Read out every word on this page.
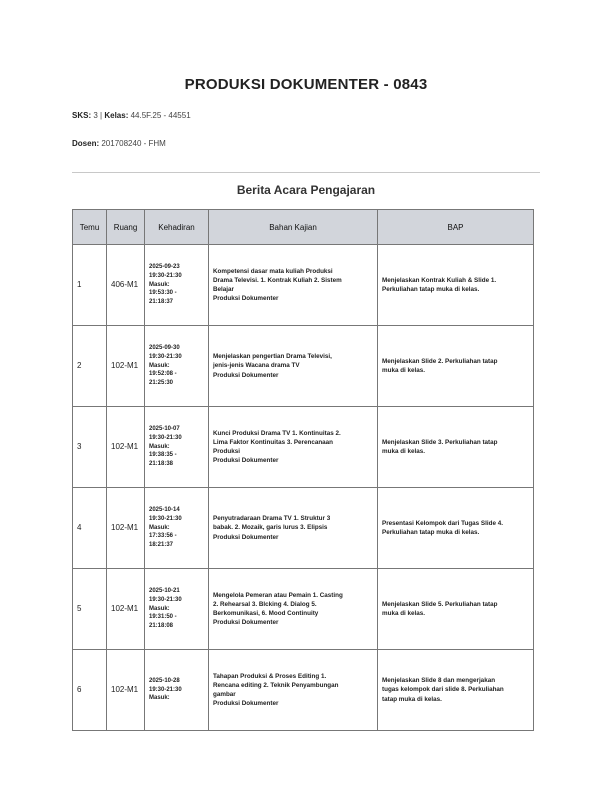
PRODUKSI DOKUMENTER - 0843
SKS: 3 | Kelas: 44.5F.25 - 44551
Dosen: 201708240 - FHM
Berita Acara Pengajaran
Temu	Ruang	Kehadiran	Bahan Kajian	BAP
1	406-M1	2025-09-23
19:30-21:30
Masuk:
19:53:30 -
21:18:37	Kompetensi dasar mata kuliah Produksi
Drama Televisi. 1. Kontrak Kuliah 2. Sistem
Belajar
Produksi Dokumenter	Menjelaskan Kontrak Kuliah & Slide 1.
Perkuliahan tatap muka di kelas.

2	102-M1	2025-09-30
19:30-21:30
Masuk:
19:52:08 -
21:25:30	Menjelaskan pengertian Drama Televisi,
jenis-jenis Wacana drama TV
Produksi Dokumenter	Menjelaskan Slide 2. Perkuliahan tatap
muka di kelas.

3	102-M1	2025-10-07
19:30-21:30
Masuk:
19:38:35 -
21:18:38	Kunci Produksi Drama TV 1. Kontinuitas 2.
Lima Faktor Kontinuitas 3. Perencanaan
Produksi
Produksi Dokumenter	Menjelaskan Slide 3. Perkuliahan tatap
muka di kelas.

4	102-M1	2025-10-14
19:30-21:30
Masuk:
17:33:56 -
18:21:37	Penyutradaraan Drama TV 1. Struktur 3
babak. 2. Mozaik, garis lurus 3. Elipsis
Produksi Dokumenter	Presentasi Kelompok dari Tugas Slide 4.
Perkuliahan tatap muka di kelas.

5	102-M1	2025-10-21
19:30-21:30
Masuk:
19:31:50 -
21:18:08	Mengelola Pemeran atau Pemain 1. Casting
2. Rehearsal 3. Blcking 4. Dialog 5.
Berkomunikasi, 6. Mood Continuity
Produksi Dokumenter	Menjelaskan Slide 5. Perkuliahan tatap
muka di kelas.

6	102-M1	2025-10-28
19:30-21:30
Masuk:	Tahapan Produksi & Proses Editing 1.
Rencana editing 2. Teknik Penyambungan
gambar
Produksi Dokumenter	Menjelaskan Slide 8 dan mengerjakan
tugas kelompok dari slide 8. Perkuliahan
tatap muka di kelas.
